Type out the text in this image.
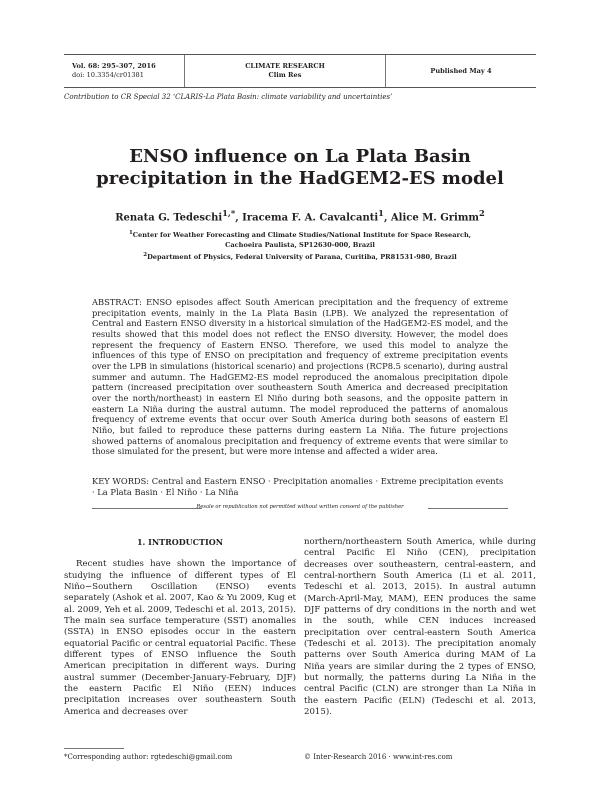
Vol. 68: 295–307, 2016
doi: 10.3354/cr01381
CLIMATE RESEARCH
Clim Res	Published May 4
Contribution to CR Special 32 ‘CLARIS-La Plata Basin: climate variability and uncertainties’
ENSO influence on La Plata Basin precipitation in the HadGEM2-ES model
Renata G. Tedeschi$^{1,*}$, Iracema F. A. Cavalcanti$^1$, Alice M. Grimm$^2$
$^1$Center for Weather Forecasting and Climate Studies/National Institute for Space Research, Cachoeira Paulista, SP12630-000, Brazil
$^2$Department of Physics, Federal University of Parana, Curitiba, PR81531-980, Brazil
ABSTRACT: ENSO episodes affect South American precipitation and the frequency of extreme precipitation events, mainly in the La Plata Basin (LPB). We analyzed the representation of Central and Eastern ENSO diversity in a historical simulation of the HadGEM2-ES model, and the results showed that this model does not reflect the ENSO diversity. However, the model does represent the frequency of Eastern ENSO. Therefore, we used this model to analyze the influences of this type of ENSO on precipitation and frequency of extreme precipitation events over the LPB in simulations (historical scenario) and projections (RCP8.5 scenario), during austral summer and autumn. The HadGEM2-ES model reproduced the anomalous precipitation dipole pattern (increased precipitation over southeastern South America and decreased precipitation over the north/northeast) in eastern El Niño during both seasons, and the opposite pattern in eastern La Niña during the austral autumn. The model reproduced the patterns of anomalous frequency of extreme events that occur over South America during both seasons of eastern El Niño, but failed to reproduce these patterns during eastern La Niña. The future projections showed patterns of anomalous precipitation and frequency of extreme events that were similar to those simulated for the present, but were more intense and affected a wider area.
KEY WORDS: Central and Eastern ENSO · Precipitation anomalies · Extreme precipitation events · La Plata Basin · El Niño · La Niña
Resale or republication not permitted without written consent of the publisher

1. INTRODUCTION

Recent studies have shown the importance of studying the influence of different types of El Niño−Southern Oscillation (ENSO) events separately (Ashok et al. 2007, Kao & Yu 2009, Kug et al. 2009, Yeh et al. 2009, Tedeschi et al. 2013, 2015). The main sea surface temperature (SST) anomalies (SSTA) in ENSO episodes occur in the eastern equatorial Pacific or central equatorial Pacific. These different types of ENSO influence the South American precipitation in different ways. During austral summer (December-January-February, DJF) the eastern Pacific El Niño (EEN) induces precipitation increases over southeastern South America and decreases over

northern/northeastern South America, while during central Pacific El Niño (CEN), precipitation decreases over southeastern, central-eastern, and central-northern South America (Li et al. 2011, Tedeschi et al. 2013, 2015). In austral autumn (March-April-May, MAM), EEN produces the same DJF patterns of dry conditions in the north and wet in the south, while CEN induces increased precipitation over central-eastern South America (Tedeschi et al. 2013). The precipitation anomaly patterns over South America during MAM of La Niña years are similar during the 2 types of ENSO, but normally, the patterns during La Niña in the central Pacific (CLN) are stronger than La Niña in the eastern Pacific (ELN) (Tedeschi et al. 2013, 2015).

*Corresponding author: rgtedeschi@gmail.com	© Inter-Research 2016 · www.int-res.com
